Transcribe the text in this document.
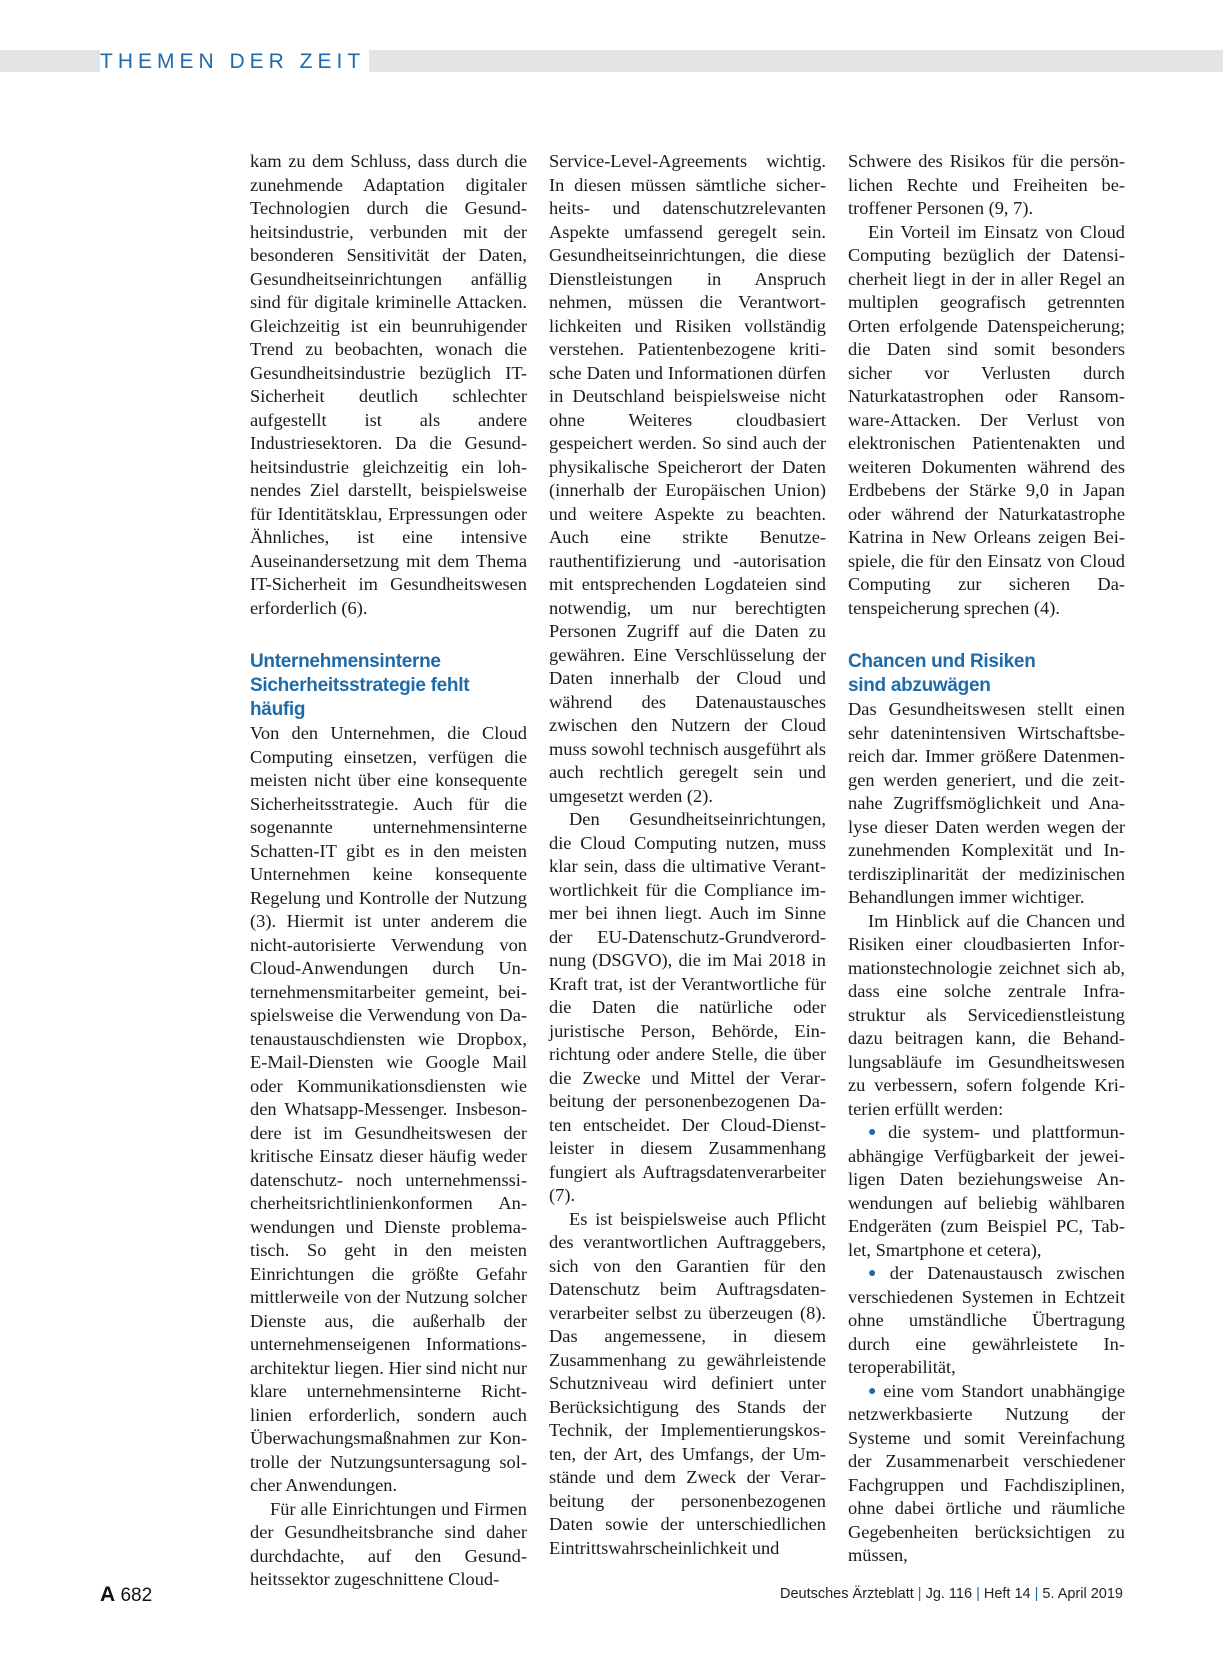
THEMEN DER ZEIT

kam zu dem Schluss, dass durch die zunehmende Adaptation digitaler Technologien durch die Gesundheitsindustrie, verbunden mit der besonderen Sensitivität der Daten, Gesundheitseinrichtungen anfällig sind für digitale kriminelle Attacken. Gleichzeitig ist ein beunruhigender Trend zu beobachten, wonach die Gesundheitsindustrie bezüglich IT-Sicherheit deutlich schlechter aufgestellt ist als andere Industriesektoren. Da die Gesundheitsindustrie gleichzeitig ein lohnendes Ziel darstellt, beispielsweise für Identitätsklau, Erpressungen oder Ähnliches, ist eine intensive Auseinandersetzung mit dem Thema IT-Sicherheit im Gesundheitswesen erforderlich (6).

Unternehmensinterne
Sicherheitsstrategie fehlt häufig

Von den Unternehmen, die Cloud Computing einsetzen, verfügen die meisten nicht über eine konsequente Sicherheitsstrategie. Auch für die sogenannte unternehmensinterne Schatten-IT gibt es in den meisten Unternehmen keine konsequente Regelung und Kontrolle der Nutzung (3). Hiermit ist unter anderem die nicht-autorisierte Verwendung von Cloud-Anwendungen durch Unternehmensmitarbeiter gemeint, beispielsweise die Verwendung von Datenaustauschdiensten wie Dropbox, E-Mail-Diensten wie Google Mail oder Kommunikationsdiensten wie den Whatsapp-Messenger. Insbesondere ist im Gesundheitswesen der kritische Einsatz dieser häufig weder datenschutz- noch unternehmenssicherheitsrichtlinienkonformen Anwendungen und Dienste problematisch. So geht in den meisten Einrichtungen die größte Gefahr mittlerweile von der Nutzung solcher Dienste aus, die außerhalb der unternehmenseigenen Informationsarchitektur liegen. Hier sind nicht nur klare unternehmensinterne Richtlinien erforderlich, sondern auch Überwachungsmaßnahmen zur Kontrolle der Nutzungsuntersagung solcher Anwendungen.

Für alle Einrichtungen und Firmen der Gesundheitsbranche sind daher durchdachte, auf den Gesundheitssektor zugeschnittene Cloud-

Service-Level-Agreements wichtig. In diesen müssen sämtliche sicherheits- und datenschutzrelevanten Aspekte umfassend geregelt sein. Gesundheitseinrichtungen, die diese Dienstleistungen in Anspruch nehmen, müssen die Verantwortlichkeiten und Risiken vollständig verstehen. Patientenbezogene kritische Daten und Informationen dürfen in Deutschland beispielsweise nicht ohne Weiteres cloudbasiert gespeichert werden. So sind auch der physikalische Speicherort der Daten (innerhalb der Europäischen Union) und weitere Aspekte zu beachten. Auch eine strikte Benutzerauthentifizierung und -autorisation mit entsprechenden Logdateien sind notwendig, um nur berechtigten Personen Zugriff auf die Daten zu gewähren. Eine Verschlüsselung der Daten innerhalb der Cloud und während des Datenaustausches zwischen den Nutzern der Cloud muss sowohl technisch ausgeführt als auch rechtlich geregelt sein und umgesetzt werden (2).

Den Gesundheitseinrichtungen, die Cloud Computing nutzen, muss klar sein, dass die ultimative Verantwortlichkeit für die Compliance immer bei ihnen liegt. Auch im Sinne der EU-Datenschutz-Grundverordnung (DSGVO), die im Mai 2018 in Kraft trat, ist der Verantwortliche für die Daten die natürliche oder juristische Person, Behörde, Einrichtung oder andere Stelle, die über die Zwecke und Mittel der Verarbeitung der personenbezogenen Daten entscheidet. Der Cloud-Dienstleister in diesem Zusammenhang fungiert als Auftragsdatenverarbeiter (7).

Es ist beispielsweise auch Pflicht des verantwortlichen Auftraggebers, sich von den Garantien für den Datenschutz beim Auftragsdatenverarbeiter selbst zu überzeugen (8). Das angemessene, in diesem Zusammenhang zu gewährleistende Schutzniveau wird definiert unter Berücksichtigung des Stands der Technik, der Implementierungskosten, der Art, des Umfangs, der Umstände und dem Zweck der Verarbeitung der personenbezogenen Daten sowie der unterschiedlichen Eintrittswahrscheinlichkeit und

Schwere des Risikos für die persönlichen Rechte und Freiheiten betroffener Personen (9, 7).

Ein Vorteil im Einsatz von Cloud Computing bezüglich der Datensicherheit liegt in der in aller Regel an multiplen geografisch getrennten Orten erfolgende Datenspeicherung; die Daten sind somit besonders sicher vor Verlusten durch Naturkatastrophen oder Ransomware-Attacken. Der Verlust von elektronischen Patientenakten und weiteren Dokumenten während des Erdbebens der Stärke 9,0 in Japan oder während der Naturkatastrophe Katrina in New Orleans zeigen Beispiele, die für den Einsatz von Cloud Computing zur sicheren Datenspeicherung sprechen (4).

Chancen und Risiken
sind abzuwägen

Das Gesundheitswesen stellt einen sehr datenintensiven Wirtschaftsbereich dar. Immer größere Datenmengen werden generiert, und die zeitnahe Zugriffsmöglichkeit und Analyse dieser Daten werden wegen der zunehmenden Komplexität und Interdisziplinarität der medizinischen Behandlungen immer wichtiger.

Im Hinblick auf die Chancen und Risiken einer cloudbasierten Informationstechnologie zeichnet sich ab, dass eine solche zentrale Infrastruktur als Servicedienstleistung dazu beitragen kann, die Behandlungsabläufe im Gesundheitswesen zu verbessern, sofern folgende Kriterien erfüllt werden:

● die system- und plattformunabhängige Verfügbarkeit der jeweiligen Daten beziehungsweise Anwendungen auf beliebig wählbaren Endgeräten (zum Beispiel PC, Tablet, Smartphone et cetera),

● der Datenaustausch zwischen verschiedenen Systemen in Echtzeit ohne umständliche Übertragung durch eine gewährleistete Interoperabilität,

● eine vom Standort unabhängige netzwerkbasierte Nutzung der Systeme und somit Vereinfachung der Zusammenarbeit verschiedener Fachgruppen und Fachdisziplinen, ohne dabei örtliche und räumliche Gegebenheiten berücksichtigen zu müssen,

A 682	Deutsches Ärzteblatt | Jg. 116 | Heft 14 | 5. April 2019
